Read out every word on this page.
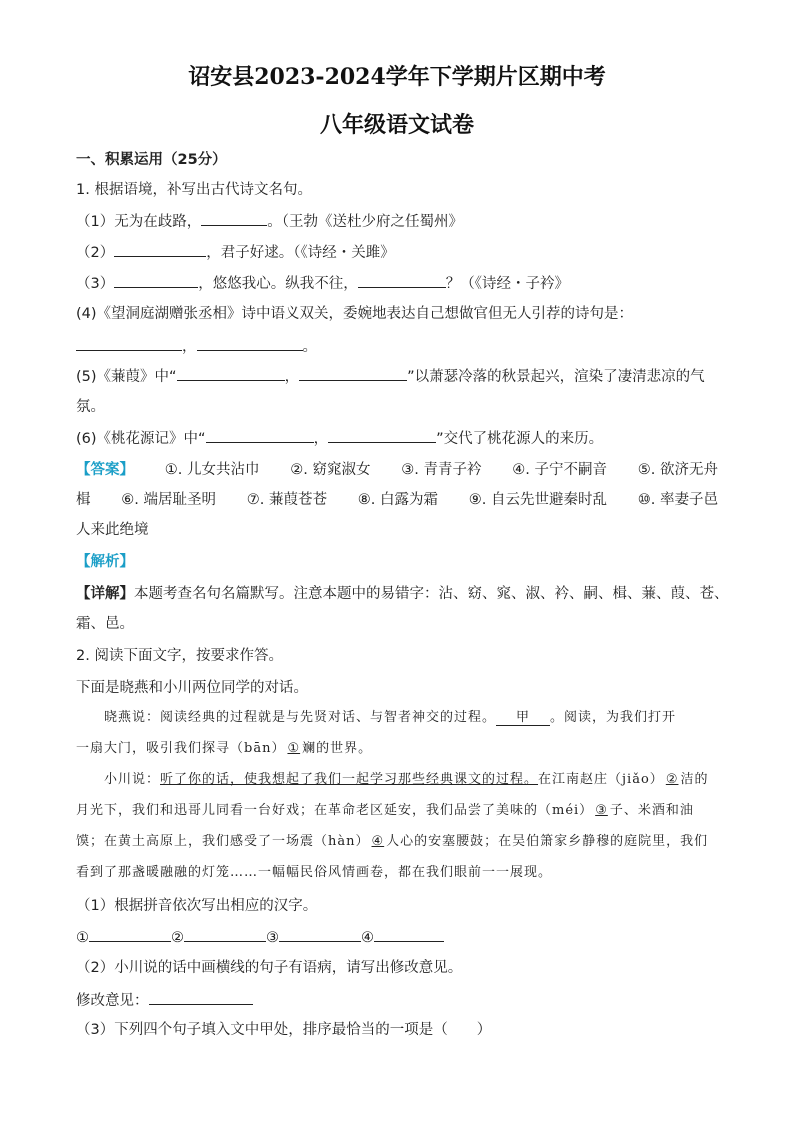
诏安县2023-2024学年下学期片区期中考
八年级语文试卷
一、积累运用（25分）
1. 根据语境，补写出古代诗文名句。
（1）无为在歧路，	。（王勃《送杜少府之任蜀州》
（2）	，君子好逑。（《诗经・关雎》
（3）	，悠悠我心。纵我不往，	？（《诗经・子衿》
(4)《望洞庭湖赠张丞相》诗中语义双关，委婉地表达自己想做官但无人引荐的诗句是：
，	。
(5)《蒹葭》中“	，	”以萧瑟冷落的秋景起兴，渲染了凄清悲凉的气
氛。
(6)《桃花源记》中“	，	”交代了桃花源人的来历。
【答案】 ①. 儿女共沾巾 ②. 窈窕淑女 ③. 青青子衿 ④. 子宁不嗣音 ⑤. 欲济无舟
楫 ⑥. 端居耻圣明 ⑦. 蒹葭苍苍 ⑧. 白露为霜 ⑨. 自云先世避秦时乱 ⑩. 率妻子邑
人来此绝境
【解析】
【详解】本题考查名句名篇默写。注意本题中的易错字：沾、窈、窕、淑、衿、嗣、楫、蒹、葭、苍、
霜、邑。
2. 阅读下面文字，按要求作答。
下面是晓燕和小川两位同学的对话。
晓燕说：阅读经典的过程就是与先贤对话、与智者神交的过程。 甲 。阅读，为我们打开
一扇大门，吸引我们探寻（bān） ① 斓的世界。
小川说：听了你的话，使我想起了我们一起学习那些经典课文的过程。在江南赵庄（jiǎo） ② 洁的
月光下，我们和迅哥儿同看一台好戏；在革命老区延安，我们品尝了美味的（méi） ③ 子、米酒和油
馍；在黄土高原上，我们感受了一场震（hàn） ④ 人心的安塞腰鼓；在吴伯箫家乡静穆的庭院里，我们
看到了那盏暖融融的灯笼……一幅幅民俗风情画卷，都在我们眼前一一展现。
（1）根据拼音依次写出相应的汉字。
①	②	③	④
（2）小川说的话中画横线的句子有语病，请写出修改意见。
修改意见：
（3）下列四个句子填入文中甲处，排序最恰当的一项是（　　）
